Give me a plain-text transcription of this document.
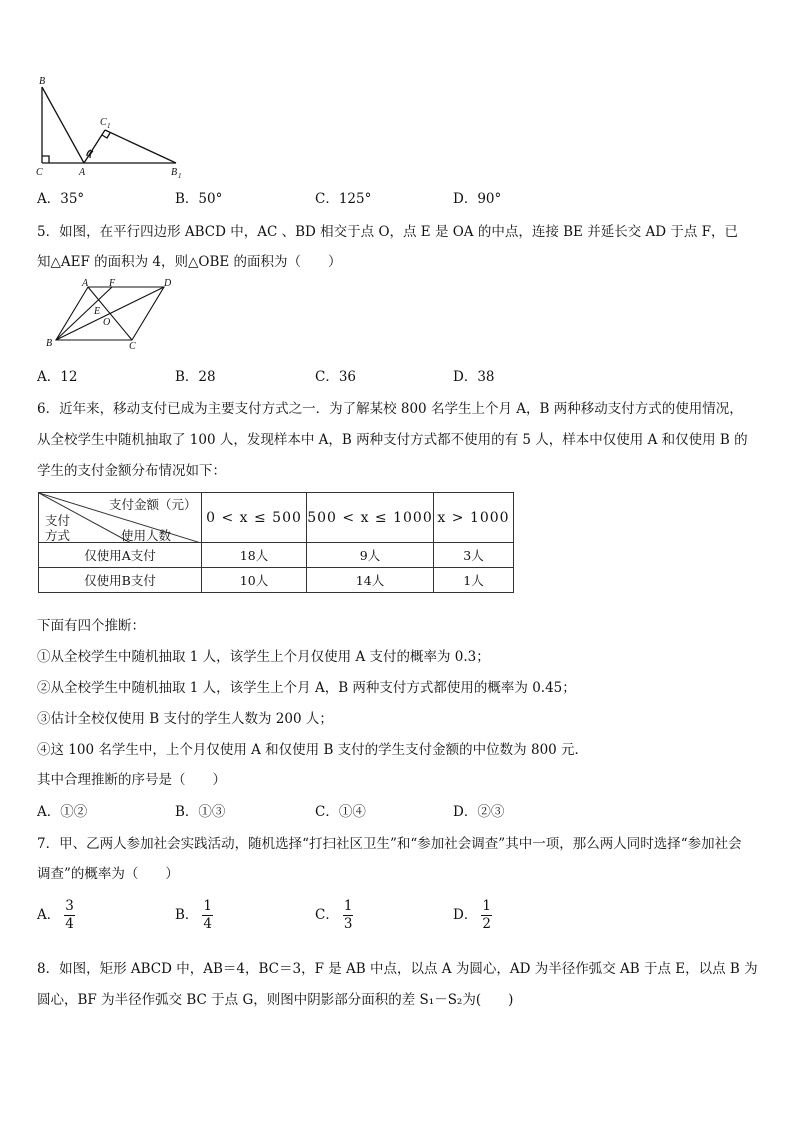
B
C	A	B 1
C 1
A．35°	B．50°	C．125°	D．90°
5．如图，在平行四边形 ABCD 中，AC 、BD 相交于点 O，点 E 是 OA 的中点，连接 BE 并延长交 AD 于点 F，已
知△AEF 的面积为 4，则△OBE 的面积为（　　）
A F	D
E
O
B	C
A．12	B．28	C．36	D．38
6．近年来，移动支付已成为主要支付方式之一．为了解某校 800 名学生上个月 A，B 两种移动支付方式的使用情况，
从全校学生中随机抽取了 100 人，发现样本中 A，B 两种支付方式都不使用的有 5 人，样本中仅使用 A 和仅使用 B 的
学生的支付金额分布情况如下：
支付金额（元）
支付
方式 使用人数	0 < x ≤ 500	500 < x ≤ 1000	x > 1000
仅使用A支付	18人	9人	3人
仅使用B支付	10人	14人	1人
下面有四个推断：
①从全校学生中随机抽取 1 人，该学生上个月仅使用 A 支付的概率为 0.3；
②从全校学生中随机抽取 1 人，该学生上个月 A，B 两种支付方式都使用的概率为 0.45；
③估计全校仅使用 B 支付的学生人数为 200 人；
④这 100 名学生中，上个月仅使用 A 和仅使用 B 支付的学生支付金额的中位数为 800 元．
其中合理推断的序号是（　　）
A．①②	B．①③	C．①④	D．②③
7．甲、乙两人参加社会实践活动，随机选择“打扫社区卫生”和“参加社会调查”其中一项，那么两人同时选择“参加社会
调查”的概率为（　　）
A． $\frac{3}{4}$	B． $\frac{1}{4}$	C． $\frac{1}{3}$	D． $\frac{1}{2}$
8．如图，矩形 ABCD 中，AB＝4，BC＝3，F 是 AB 中点，以点 A 为圆心，AD 为半径作弧交 AB 于点 E，以点 B 为
圆心，BF 为半径作弧交 BC 于点 G，则图中阴影部分面积的差 S₁－S₂为(　　)
